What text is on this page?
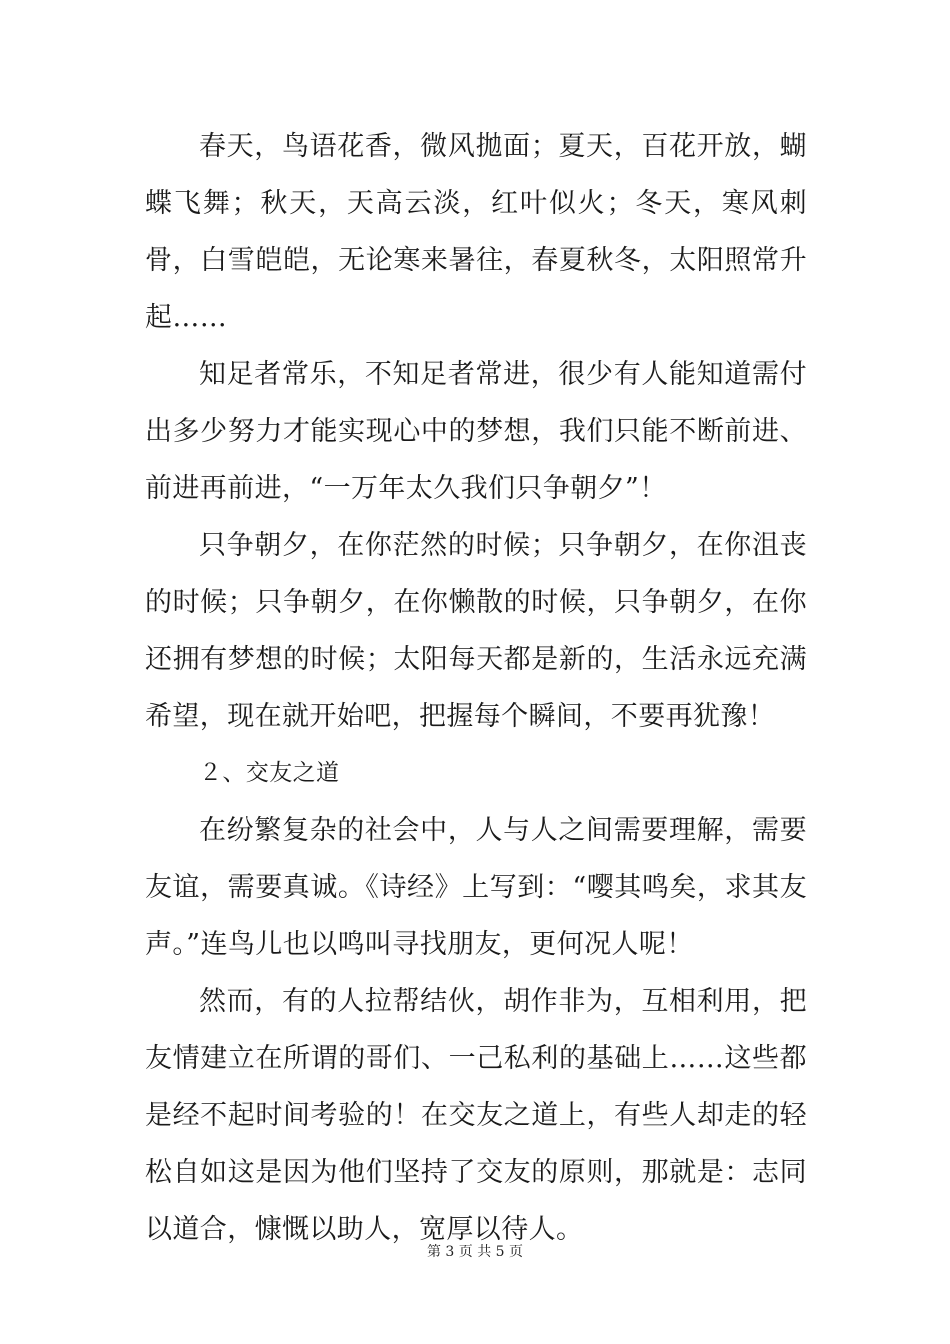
春天，鸟语花香，微风拋面；夏天，百花开放，蝴蝶飞舞；秋天，天高云淡，红叶似火；冬天，寒风刺骨，白雪皑皑，无论寒来暑往，春夏秋冬，太阳照常升起……

知足者常乐，不知足者常进，很少有人能知道需付出多少努力才能实现心中的梦想，我们只能不断前进、前进再前进，“一万年太久我们只争朝夕”！

只争朝夕，在你茫然的时候；只争朝夕，在你沮丧的时候；只争朝夕，在你懒散的时候，只争朝夕，在你还拥有梦想的时候；太阳每天都是新的，生活永远充满希望，现在就开始吧，把握每个瞬间，不要再犹豫！

２、交友之道

在纷繁复杂的社会中，人与人之间需要理解，需要友谊，需要真诚。《诗经》上写到：“嘤其鸣矣，求其友声。”连鸟儿也以鸣叫寻找朋友，更何况人呢！

然而，有的人拉帮结伙，胡作非为，互相利用，把友情建立在所谓的哥们、一己私利的基础上……这些都是经不起时间考验的！在交友之道上，有些人却走的轻松自如这是因为他们坚持了交友的原则，那就是：志同以道合，慷慨以助人，宽厚以待人。

第 3 页 共 5 页
